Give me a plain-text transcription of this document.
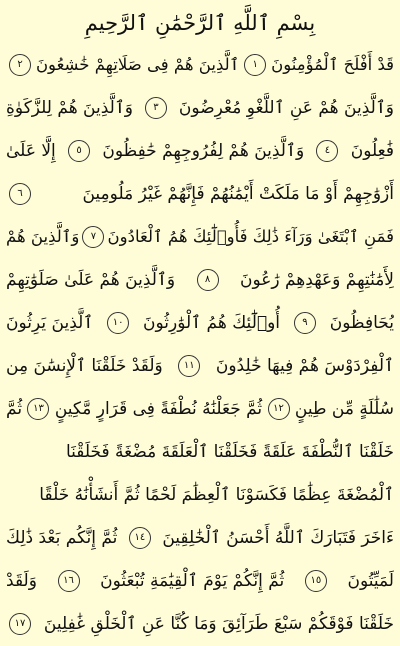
بِسْمِ ٱللَّهِ ٱلرَّحْمَٰنِ ٱلرَّحِيمِ
قَدْ أَفْلَحَ ٱلْمُؤْمِنُونَ
١
ٱلَّذِينَ هُمْ فِى صَلَاتِهِمْ خَٰشِعُونَ
٢
وَٱلَّذِينَ هُمْ عَنِ ٱللَّغْوِ مُعْرِضُونَ
٣
وَٱلَّذِينَ هُمْ لِلزَّكَوٰةِ
فَٰعِلُونَ
٤
وَٱلَّذِينَ هُمْ لِفُرُوجِهِمْ حَٰفِظُونَ
٥
إِلَّا عَلَىٰ
أَزْوَٰجِهِمْ أَوْ مَا مَلَكَتْ أَيْمَٰنُهُمْ فَإِنَّهُمْ غَيْرُ مَلُومِينَ
٦
فَمَنِ ٱبْتَغَىٰ وَرَآءَ ذَٰلِكَ فَأُو۟لَٰٓئِكَ هُمُ ٱلْعَادُونَ
٧
وَٱلَّذِينَ هُمْ
لِأَمَٰنَٰتِهِمْ وَعَهْدِهِمْ رَٰعُونَ
٨
وَٱلَّذِينَ هُمْ عَلَىٰ صَلَوَٰتِهِمْ
يُحَافِظُونَ
٩
أُو۟لَٰٓئِكَ هُمُ ٱلْوَٰرِثُونَ
١٠
ٱلَّذِينَ يَرِثُونَ
ٱلْفِرْدَوْسَ هُمْ فِيهَا خَٰلِدُونَ
١١
وَلَقَدْ خَلَقْنَا ٱلْإِنسَٰنَ مِن
سُلَٰلَةٍ مِّن طِينٍ
١٢
ثُمَّ جَعَلْنَٰهُ نُطْفَةً فِى قَرَارٍ مَّكِينٍ
١٣
ثُمَّ
خَلَقْنَا ٱلنُّطْفَةَ عَلَقَةً فَخَلَقْنَا ٱلْعَلَقَةَ مُضْغَةً فَخَلَقْنَا
ٱلْمُضْغَةَ عِظَٰمًا فَكَسَوْنَا ٱلْعِظَٰمَ لَحْمًا ثُمَّ أَنشَأْنَٰهُ خَلْقًا
ءَاخَرَ فَتَبَارَكَ ٱللَّهُ أَحْسَنُ ٱلْخَٰلِقِينَ
١٤
ثُمَّ إِنَّكُم بَعْدَ ذَٰلِكَ
لَمَيِّتُونَ
١٥
ثُمَّ إِنَّكُمْ يَوْمَ ٱلْقِيَٰمَةِ تُبْعَثُونَ
١٦
وَلَقَدْ
خَلَقْنَا فَوْقَكُمْ سَبْعَ طَرَآئِقَ وَمَا كُنَّا عَنِ ٱلْخَلْقِ غَٰفِلِينَ
١٧
